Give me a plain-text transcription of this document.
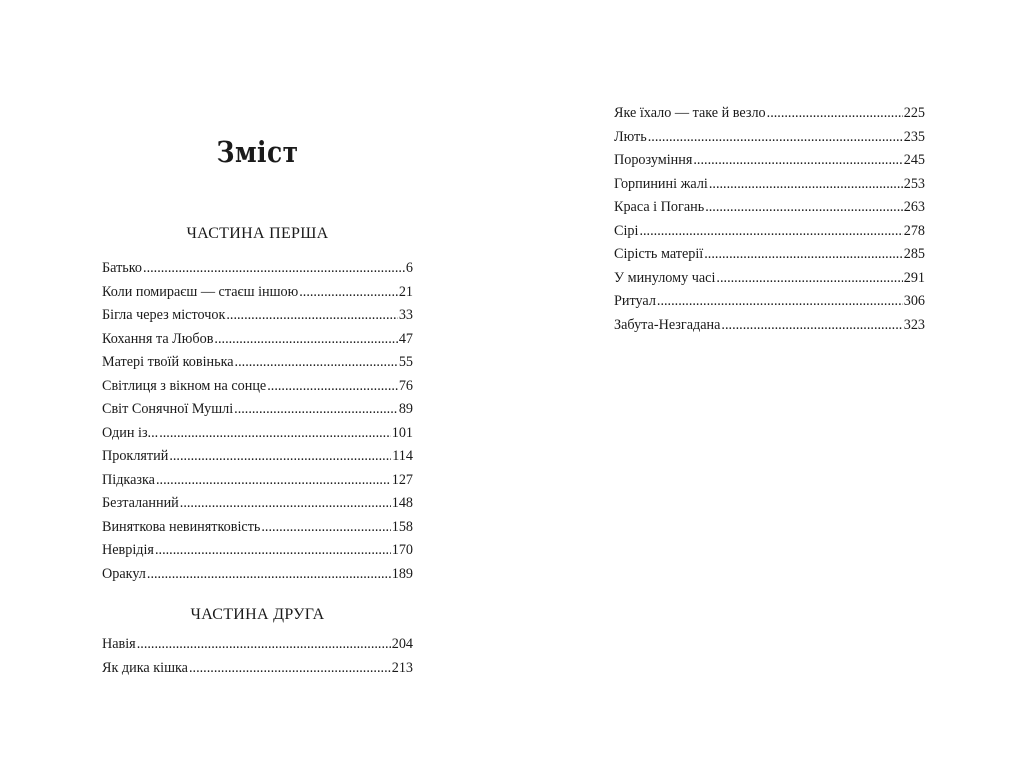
Зміст
ЧАСТИНА ПЕРША
Батько .....	6
Коли помираєш — стаєш іншою .....	21
Бігла через місточок .....	33
Кохання та Любов .....	47
Матері твоїй ковінька .....	55
Світлиця з вікном на сонце .....	76
Світ Сонячної Мушлі .....	89
Один із... .....	101
Проклятий .....	114
Підказка .....	127
Безталанний .....	148
Виняткова невинятковість .....	158
Неврідія .....	170
Оракул .....	189
ЧАСТИНА ДРУГА
Навія .....	204
Як дика кішка .....	213
Яке їхало — таке й везло .....	225
Лють .....	235
Порозуміння .....	245
Горпинині жалі .....	253
Краса і Погань .....	263
Сірі .....	278
Сірість матерії .....	285
У минулому часі .....	291
Ритуал .....	306
Забута-Незгадана .....	323
